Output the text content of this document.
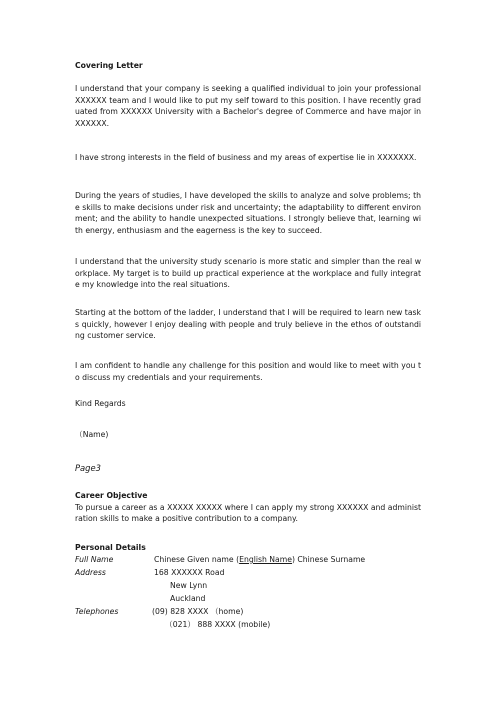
Covering Letter

I understand that your company is seeking a qualified individual to join your professional XXXXXX team and I would like to put my self toward to this position. I have recently graduated from XXXXXX University with a Bachelor's degree of Commerce and have major in XXXXXX.

I have strong interests in the field of business and my areas of expertise lie in XXXXXXX.

During the years of studies, I have developed the skills to analyze and solve problems; the skills to make decisions under risk and uncertainty; the adaptability to different environment; and the ability to handle unexpected situations. I strongly believe that, learning with energy, enthusiasm and the eagerness is the key to succeed.

I understand that the university study scenario is more static and simpler than the real workplace. My target is to build up practical experience at the workplace and fully integrate my knowledge into the real situations.

Starting at the bottom of the ladder, I understand that I will be required to learn new tasks quickly, however I enjoy dealing with people and truly believe in the ethos of outstanding customer service.

I am confident to handle any challenge for this position and would like to meet with you to discuss my credentials and your requirements.

Kind Regards

（Name)

Page3

Career Objective

To pursue a career as a XXXXX XXXXX where I can apply my strong XXXXXX and administration skills to make a positive contribution to a company.

Personal Details

Full Name	Chinese Given name (English Name) Chinese Surname
Address	168 XXXXXX Road
New Lynn
Auckland
Telephones	(09) 828 XXXX （home)
（021） 888 XXXX (mobile)
